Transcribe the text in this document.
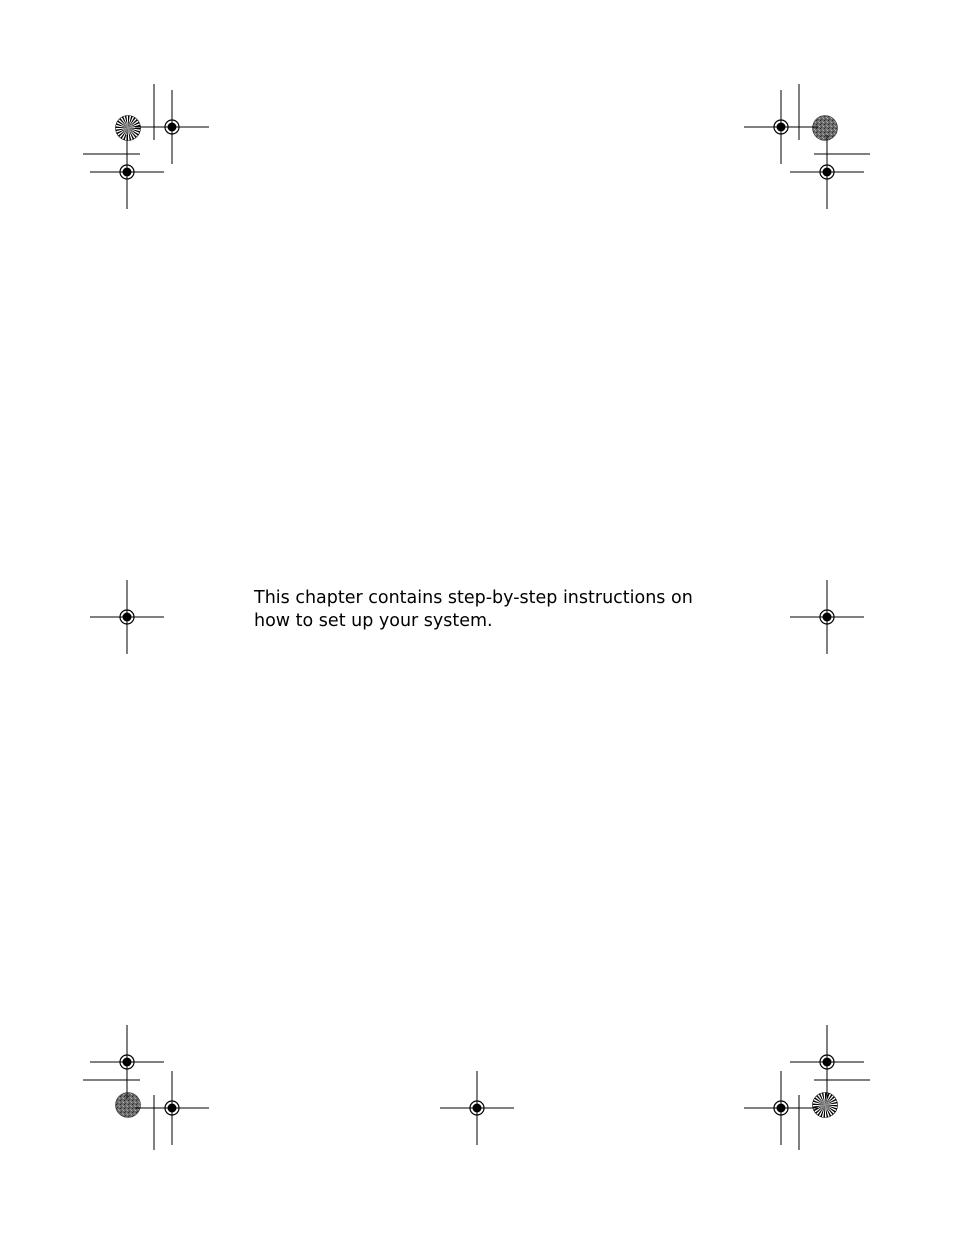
This chapter contains step-by-step instructions on
how to set up your system.
